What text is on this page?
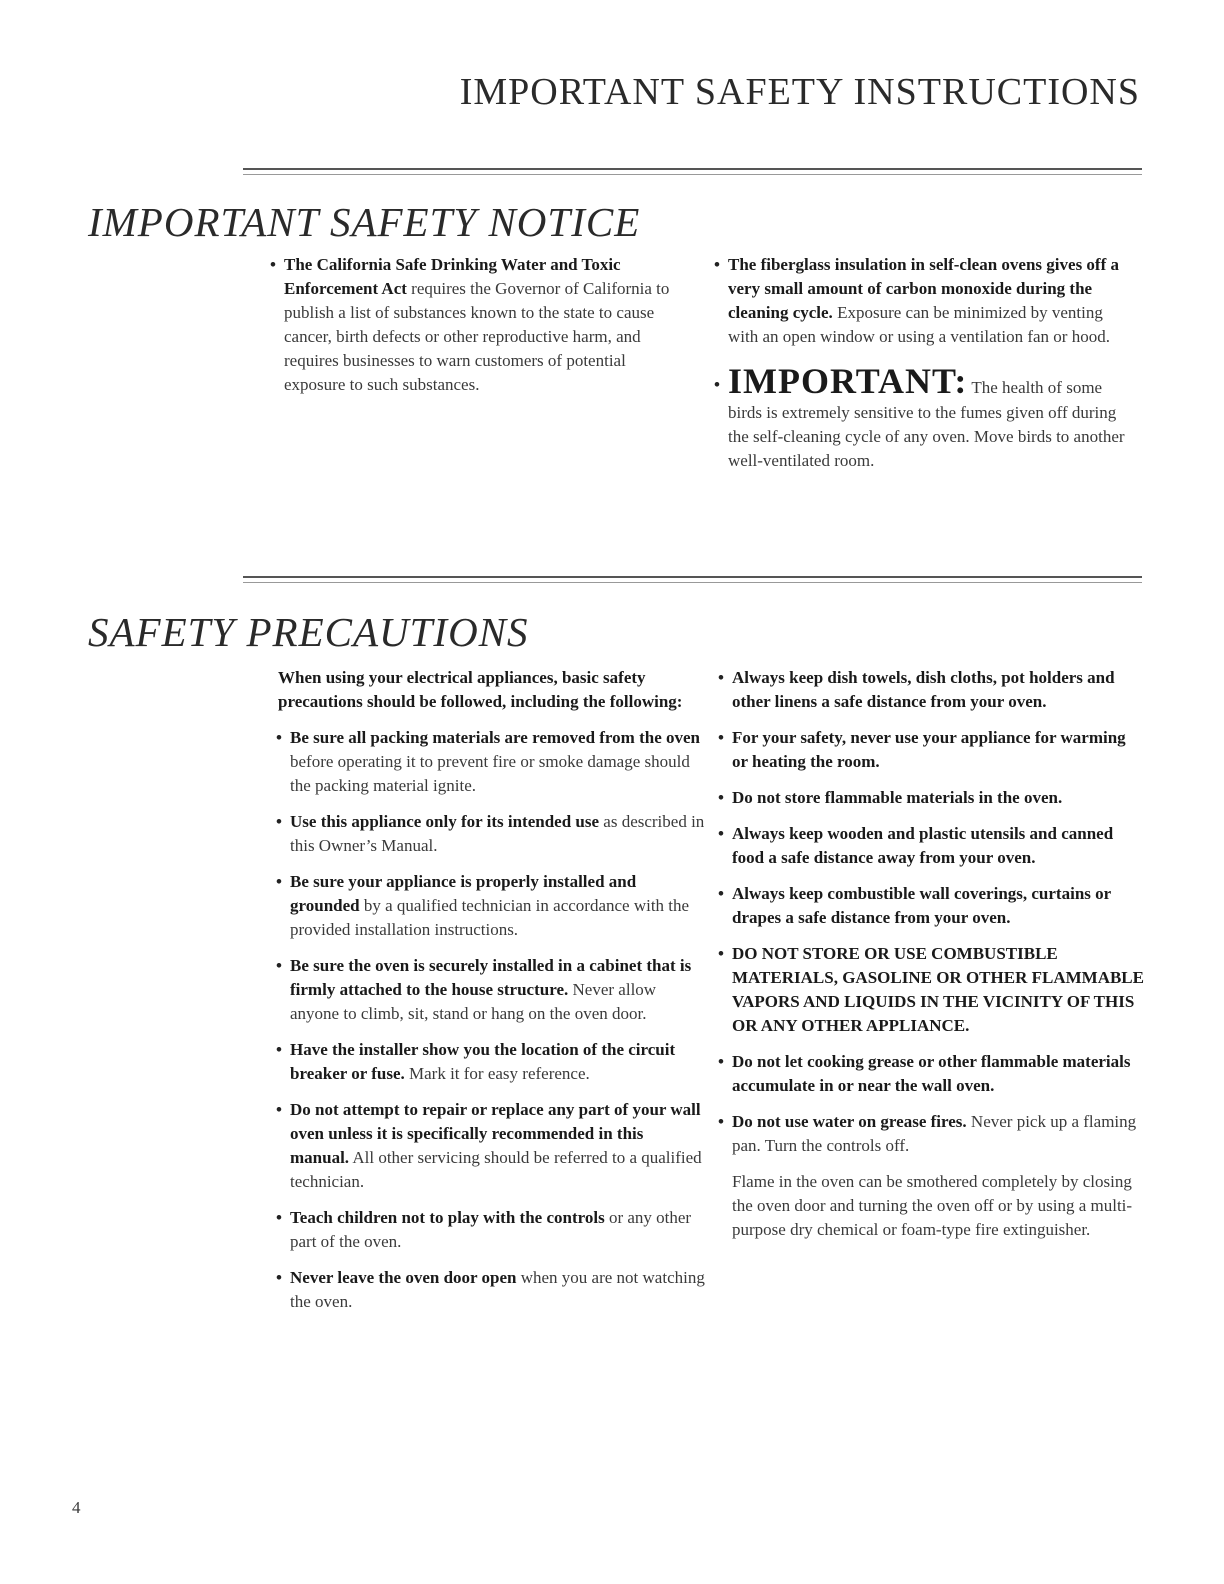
IMPORTANT SAFETY INSTRUCTIONS
IMPORTANT SAFETY NOTICE

• The California Safe Drinking Water and Toxic Enforcement Act requires the Governor of California to publish a list of substances known to the state to cause cancer, birth defects or other reproductive harm, and requires businesses to warn customers of potential exposure to such substances.

• The fiberglass insulation in self-clean ovens gives off a very small amount of carbon monoxide during the cleaning cycle. Exposure can be minimized by venting with an open window or using a ventilation fan or hood.

• IMPORTANT: The health of some birds is extremely sensitive to the fumes given off during the self-cleaning cycle of any oven. Move birds to another well-ventilated room.

SAFETY PRECAUTIONS

When using your electrical appliances, basic safety precautions should be followed, including the following:

• Be sure all packing materials are removed from the oven before operating it to prevent fire or smoke damage should the packing material ignite.

• Use this appliance only for its intended use as described in this Owner’s Manual.

• Be sure your appliance is properly installed and grounded by a qualified technician in accordance with the provided installation instructions.

• Be sure the oven is securely installed in a cabinet that is firmly attached to the house structure. Never allow anyone to climb, sit, stand or hang on the oven door.

• Have the installer show you the location of the circuit breaker or fuse. Mark it for easy reference.

• Do not attempt to repair or replace any part of your wall oven unless it is specifically recommended in this manual. All other servicing should be referred to a qualified technician.

• Teach children not to play with the controls or any other part of the oven.

• Never leave the oven door open when you are not watching the oven.

• Always keep dish towels, dish cloths, pot holders and other linens a safe distance from your oven.

• For your safety, never use your appliance for warming or heating the room.

• Do not store flammable materials in the oven.

• Always keep wooden and plastic utensils and canned food a safe distance away from your oven.

• Always keep combustible wall coverings, curtains or drapes a safe distance from your oven.

• DO NOT STORE OR USE COMBUSTIBLE MATERIALS, GASOLINE OR OTHER FLAMMABLE VAPORS AND LIQUIDS IN THE VICINITY OF THIS OR ANY OTHER APPLIANCE.

• Do not let cooking grease or other flammable materials accumulate in or near the wall oven.

• Do not use water on grease fires. Never pick up a flaming pan. Turn the controls off.

Flame in the oven can be smothered completely by closing the oven door and turning the oven off or by using a multi-purpose dry chemical or foam-type fire extinguisher.

4
